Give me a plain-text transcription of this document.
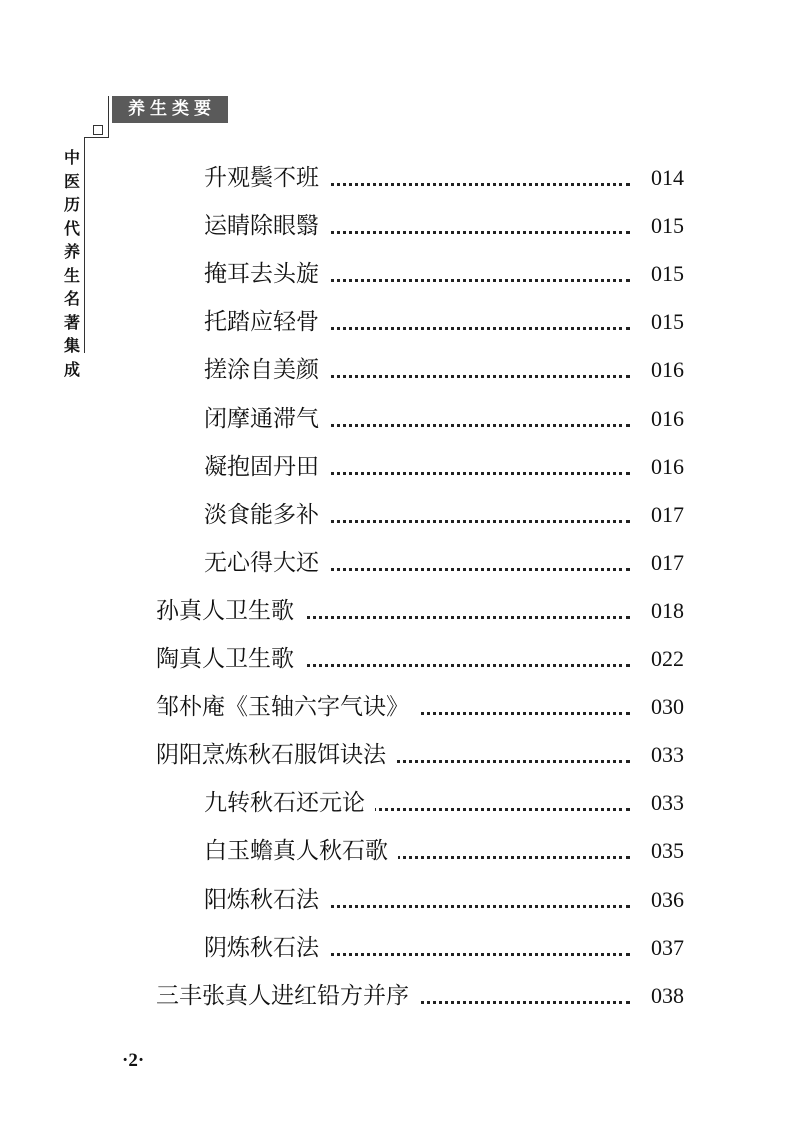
养生类要
中医历代养生名著集成
升观鬓不班	014
运睛除眼翳	015
掩耳去头旋	015
托踏应轻骨	015
搓涂自美颜	016
闭摩通滞气	016
凝抱固丹田	016
淡食能多补	017
无心得大还	017
孙真人卫生歌	018
陶真人卫生歌	022
邹朴庵《玉轴六字气诀》	030
阴阳烹炼秋石服饵诀法	033
九转秋石还元论	033
白玉蟾真人秋石歌	035
阳炼秋石法	036
阴炼秋石法	037
三丰张真人进红铅方并序	038
·2·
